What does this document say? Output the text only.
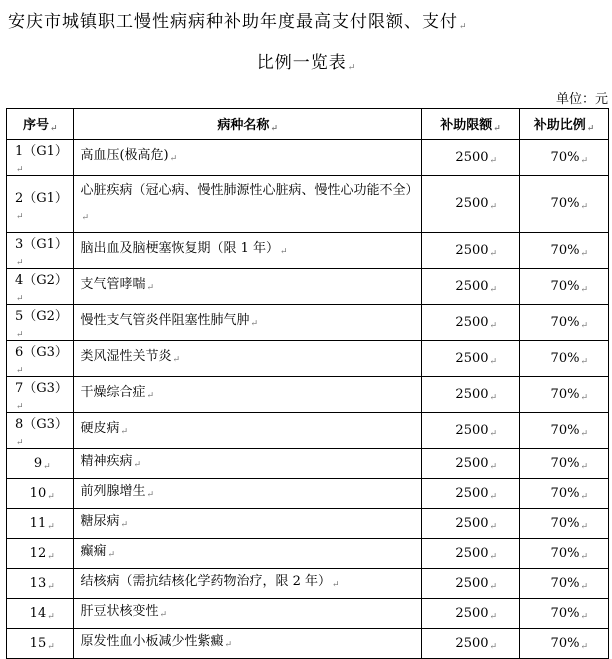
安庆市城镇职工慢性病病种补助年度最高支付限额、支付↵
比例一览表↵
单位：元
序号↵	病种名称↵	补助限额↵	补助比例↵
1（G1）↵	高血压(极高危)↵	2500↵	70%↵
2（G1）↵	心脏疾病（冠心病、慢性肺源性心脏病、慢性心功能不全）↵	2500↵	70%↵
3（G1）↵	脑出血及脑梗塞恢复期（限 1 年）↵	2500↵	70%↵
4（G2）↵	支气管哮喘↵	2500↵	70%↵
5（G2）↵	慢性支气管炎伴阻塞性肺气肿↵	2500↵	70%↵
6（G3）↵	类风湿性关节炎↵	2500↵	70%↵
7（G3）↵	干燥综合症↵	2500↵	70%↵
8（G3）↵	硬皮病↵	2500↵	70%↵
9↵	精神疾病↵	2500↵	70%↵
10↵	前列腺增生↵	2500↵	70%↵
11↵	糖尿病↵	2500↵	70%↵
12↵	癫痫↵	2500↵	70%↵
13↵	结核病（需抗结核化学药物治疗，限 2 年）↵	2500↵	70%↵
14↵	肝豆状核变性↵	2500↵	70%↵
15↵	原发性血小板减少性紫癜↵	2500↵	70%↵
